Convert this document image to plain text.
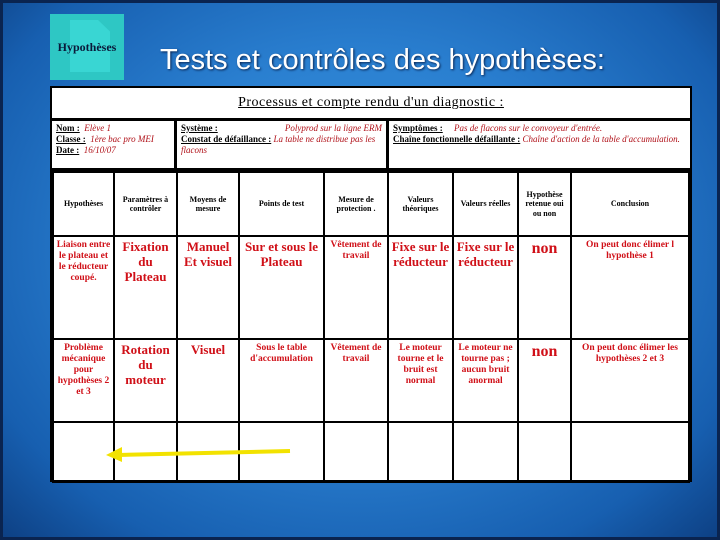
Hypothèses Tests et contrôles des hypothèses:
Processus et compte rendu d'un diagnostic :
Nom : Elève 1
Classe : 1ère bac pro MEI
Date : 16/10/07
Système :	Polyprod sur la ligne ERM
Constat de défaillance : La table ne distribue pas les flacons
Symptômes : Pas de flacons sur le convoyeur d'entrée.
Chaîne fonctionnelle défaillante : Chaîne d'action de la table d'accumulation.
Hypothèses	Paramètres à contrôler	Moyens de mesure	Points de test	Mesure de protection .	Valeurs théoriques	Valeurs réelles	Hypothèse retenue oui ou non	Conclusion
Liaison entre le plateau et le réducteur coupé.	Fixation du Plateau	Manuel Et visuel	Sur et sous le Plateau	Vêtement de travail	Fixe sur le réducteur	Fixe sur le réducteur	non	On peut donc élimer l hypothèse 1
Problème mécanique pour hypothèses 2 et 3	Rotation du moteur	Visuel	Sous le table d'accumulation	Vêtement de travail	Le moteur tourne et le bruit est normal	Le moteur ne tourne pas ; aucun bruit anormal	non	On peut donc élimer les hypothèses 2 et 3
